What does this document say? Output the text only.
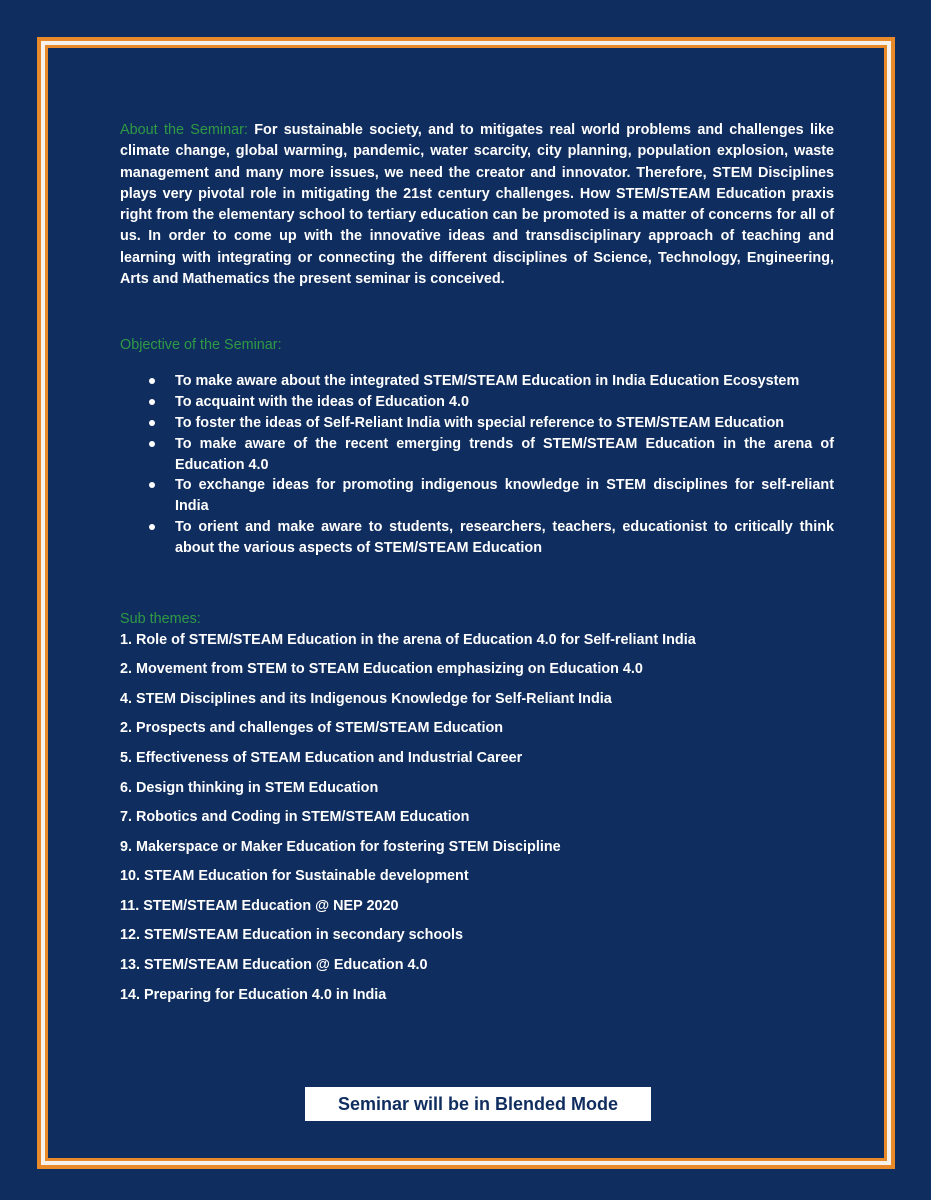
About the Seminar: For sustainable society, and to mitigates real world problems and challenges like climate change, global warming, pandemic, water scarcity, city planning, population explosion, waste management and many more issues, we need the creator and innovator. Therefore, STEM Disciplines plays very pivotal role in mitigating the 21st century challenges. How STEM/STEAM Education praxis right from the elementary school to tertiary education can be promoted is a matter of concerns for all of us. In order to come up with the innovative ideas and transdisciplinary approach of teaching and learning with integrating or connecting the different disciplines of Science, Technology, Engineering, Arts and Mathematics the present seminar is conceived.

Objective of the Seminar:
To make aware about the integrated STEM/STEAM Education in India Education Ecosystem
To acquaint with the ideas of Education 4.0
To foster the ideas of Self-Reliant India with special reference to STEM/STEAM Education
To make aware of the recent emerging trends of STEM/STEAM Education in the arena of Education 4.0
To exchange ideas for promoting indigenous knowledge in STEM disciplines for self-reliant India
To orient and make aware to students, researchers, teachers, educationist to critically think about the various aspects of STEM/STEAM Education
Sub themes:
1. Role of STEM/STEAM Education in the arena of Education 4.0 for Self-reliant India
2. Movement from STEM to STEAM Education emphasizing on Education 4.0
4. STEM Disciplines and its Indigenous Knowledge for Self-Reliant India
2. Prospects and challenges of STEM/STEAM Education
5. Effectiveness of STEAM Education and Industrial Career
6. Design thinking in STEM Education
7. Robotics and Coding in STEM/STEAM Education
9. Makerspace or Maker Education for fostering STEM Discipline
10. STEAM Education for Sustainable development
11. STEM/STEAM Education @ NEP 2020
12. STEM/STEAM Education in secondary schools
13. STEM/STEAM Education @ Education 4.0
14. Preparing for Education 4.0 in India
Seminar will be in Blended Mode
